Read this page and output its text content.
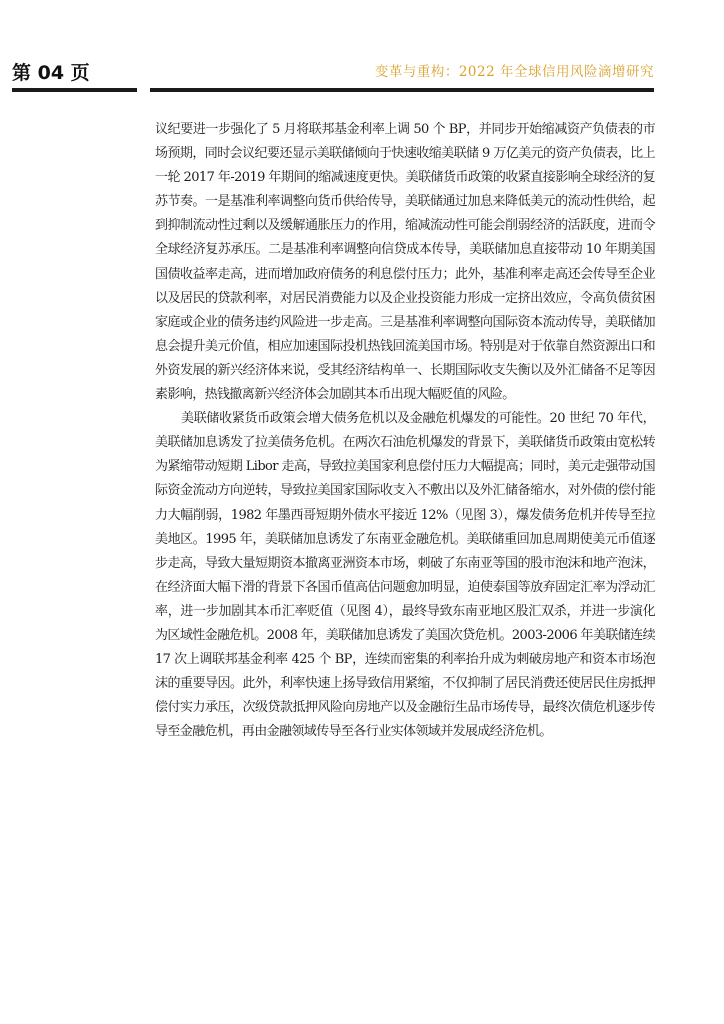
第 04 页	变革与重构：2022 年全球信用风险滴增研究

议纪要进一步强化了 5 月将联邦基金利率上调 50 个 BP，并同步开始缩减资产负债表的市场预期，同时会议纪要还显示美联储倾向于快速收缩美联储 9 万亿美元的资产负债表，比上一轮 2017 年-2019 年期间的缩减速度更快。美联储货币政策的收紧直接影响全球经济的复苏节奏。一是基准利率调整向货币供给传导，美联储通过加息来降低美元的流动性供给，起到抑制流动性过剩以及缓解通胀压力的作用，缩减流动性可能会削弱经济的活跃度，进而令全球经济复苏承压。二是基准利率调整向信贷成本传导，美联储加息直接带动 10 年期美国国债收益率走高，进而增加政府债务的利息偿付压力；此外，基准利率走高还会传导至企业以及居民的贷款利率，对居民消费能力以及企业投资能力形成一定挤出效应，令高负债贫困家庭或企业的债务违约风险进一步走高。三是基准利率调整向国际资本流动传导，美联储加息会提升美元价值，相应加速国际投机热钱回流美国市场。特别是对于依靠自然资源出口和外资发展的新兴经济体来说，受其经济结构单一、长期国际收支失衡以及外汇储备不足等因素影响，热钱撤离新兴经济体会加剧其本币出现大幅贬值的风险。

美联储收紧货币政策会增大债务危机以及金融危机爆发的可能性。20 世纪 70 年代，美联储加息诱发了拉美债务危机。在两次石油危机爆发的背景下，美联储货币政策由宽松转为紧缩带动短期 Libor 走高，导致拉美国家利息偿付压力大幅提高；同时，美元走强带动国际资金流动方向逆转，导致拉美国家国际收支入不敷出以及外汇储备缩水，对外债的偿付能力大幅削弱，1982 年墨西哥短期外债水平接近 12%（见图 3），爆发债务危机并传导至拉美地区。1995 年，美联储加息诱发了东南亚金融危机。美联储重回加息周期使美元币值逐步走高，导致大量短期资本撤离亚洲资本市场，刺破了东南亚等国的股市泡沫和地产泡沫，在经济面大幅下滑的背景下各国币值高估问题愈加明显，迫使泰国等放弃固定汇率为浮动汇率，进一步加剧其本币汇率贬值（见图 4），最终导致东南亚地区股汇双杀，并进一步演化为区域性金融危机。2008 年，美联储加息诱发了美国次贷危机。2003-2006 年美联储连续 17 次上调联邦基金利率 425 个 BP，连续而密集的利率抬升成为刺破房地产和资本市场泡沫的重要导因。此外，利率快速上扬导致信用紧缩，不仅抑制了居民消费还使居民住房抵押偿付实力承压，次级贷款抵押风险向房地产以及金融衍生品市场传导，最终次债危机逐步传导至金融危机，再由金融领域传导至各行业实体领域并发展成经济危机。
